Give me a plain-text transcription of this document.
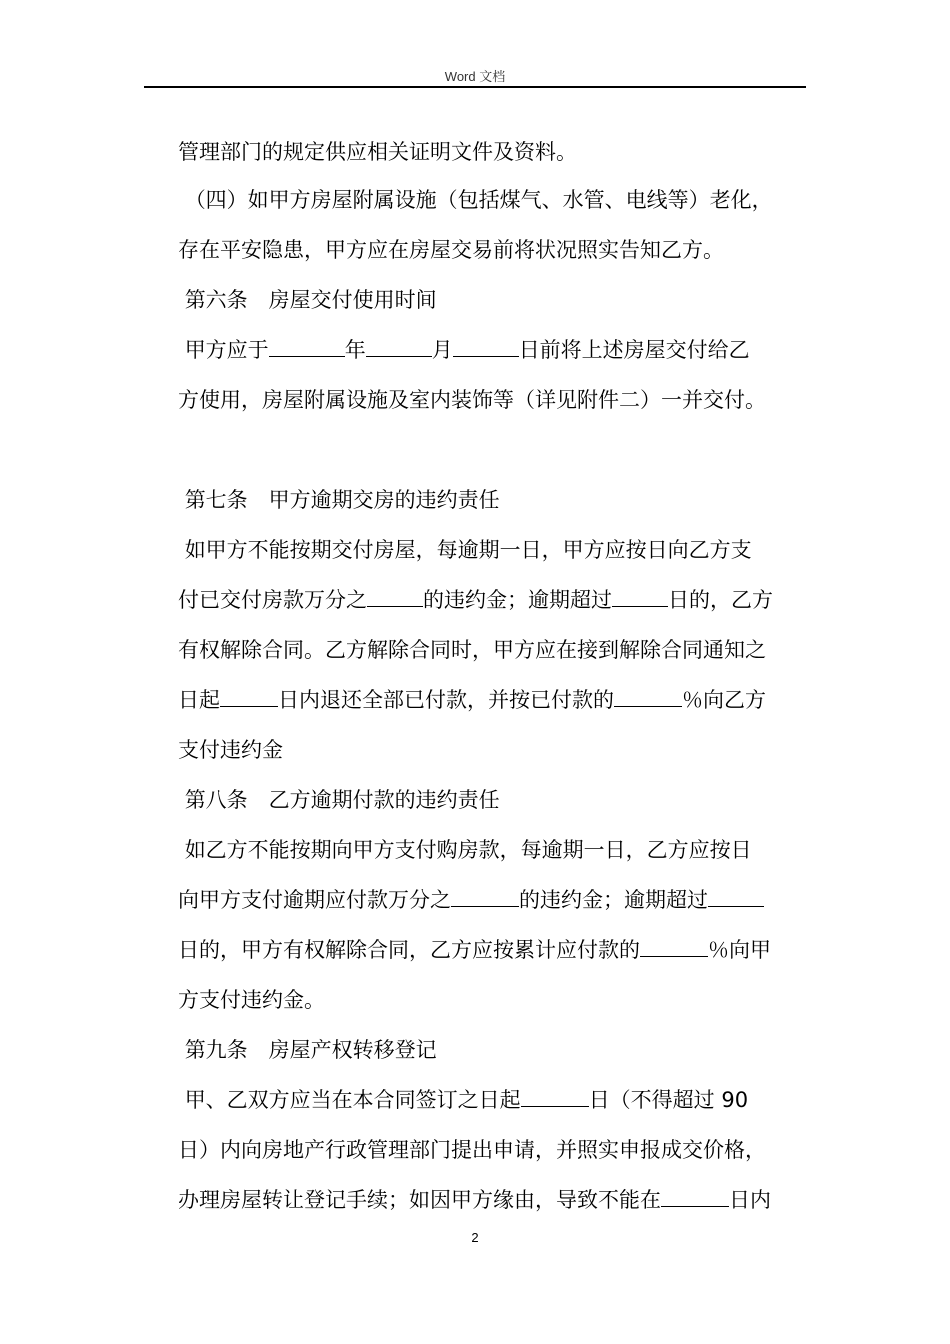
Word 文档
管理部门的规定供应相关证明文件及资料。
（四）如甲方房屋附属设施（包括煤气、水管、电线等）老化，
存在平安隐患，甲方应在房屋交易前将状况照实告知乙方。
第六条　房屋交付使用时间
甲方应于	年	月	日前将上述房屋交付给乙
方使用，房屋附属设施及室内装饰等（详见附件二）一并交付。
第七条　甲方逾期交房的违约责任
如甲方不能按期交付房屋，每逾期一日，甲方应按日向乙方支
付已交付房款万分之	的违约金；逾期超过	日的，乙方
有权解除合同。乙方解除合同时，甲方应在接到解除合同通知之
日起	日内退还全部已付款，并按已付款的	％向乙方
支付违约金
第八条　乙方逾期付款的违约责任
如乙方不能按期向甲方支付购房款，每逾期一日，乙方应按日
向甲方支付逾期应付款万分之	的违约金；逾期超过
日的，甲方有权解除合同，乙方应按累计应付款的	％向甲
方支付违约金。
第九条　房屋产权转移登记
甲、乙双方应当在本合同签订之日起	日（不得超过 90
日）内向房地产行政管理部门提出申请，并照实申报成交价格，
办理房屋转让登记手续；如因甲方缘由，导致不能在	日内
2
